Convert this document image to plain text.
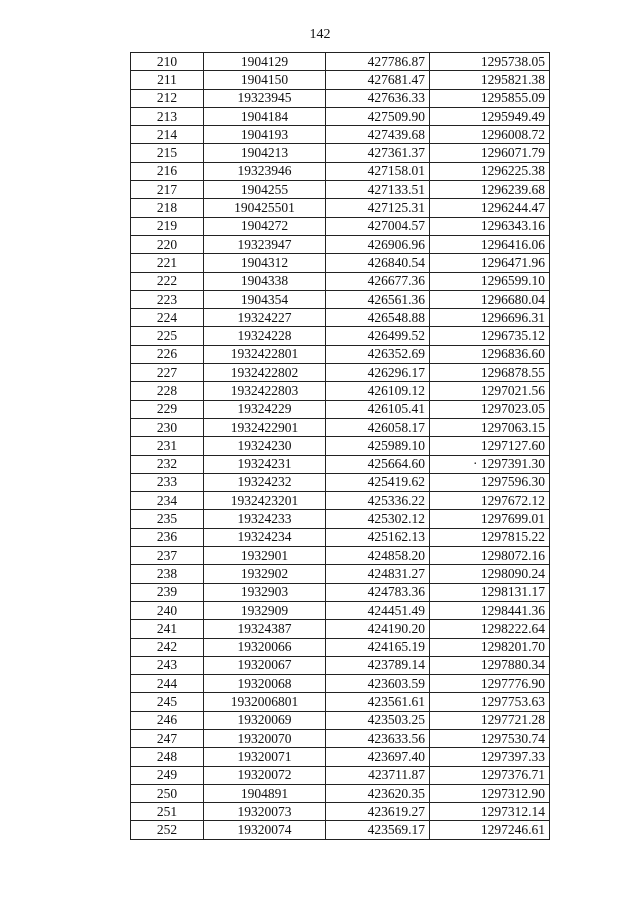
142
210	1904129	427786.87	1295738.05
211	1904150	427681.47	1295821.38
212	19323945	427636.33	1295855.09
213	1904184	427509.90	1295949.49
214	1904193	427439.68	1296008.72
215	1904213	427361.37	1296071.79
216	19323946	427158.01	1296225.38
217	1904255	427133.51	1296239.68
218	190425501	427125.31	1296244.47
219	1904272	427004.57	1296343.16
220	19323947	426906.96	1296416.06
221	1904312	426840.54	1296471.96
222	1904338	426677.36	1296599.10
223	1904354	426561.36	1296680.04
224	19324227	426548.88	1296696.31
225	19324228	426499.52	1296735.12
226	1932422801	426352.69	1296836.60
227	1932422802	426296.17	1296878.55
228	1932422803	426109.12	1297021.56
229	19324229	426105.41	1297023.05
230	1932422901	426058.17	1297063.15
231	19324230	425989.10	1297127.60
232	19324231	425664.60	· 1297391.30
233	19324232	425419.62	1297596.30
234	1932423201	425336.22	1297672.12
235	19324233	425302.12	1297699.01
236	19324234	425162.13	1297815.22
237	1932901	424858.20	1298072.16
238	1932902	424831.27	1298090.24
239	1932903	424783.36	1298131.17
240	1932909	424451.49	1298441.36
241	19324387	424190.20	1298222.64
242	19320066	424165.19	1298201.70
243	19320067	423789.14	1297880.34
244	19320068	423603.59	1297776.90
245	1932006801	423561.61	1297753.63
246	19320069	423503.25	1297721.28
247	19320070	423633.56	1297530.74
248	19320071	423697.40	1297397.33
249	19320072	423711.87	1297376.71
250	1904891	423620.35	1297312.90
251	19320073	423619.27	1297312.14
252	19320074	423569.17	1297246.61
